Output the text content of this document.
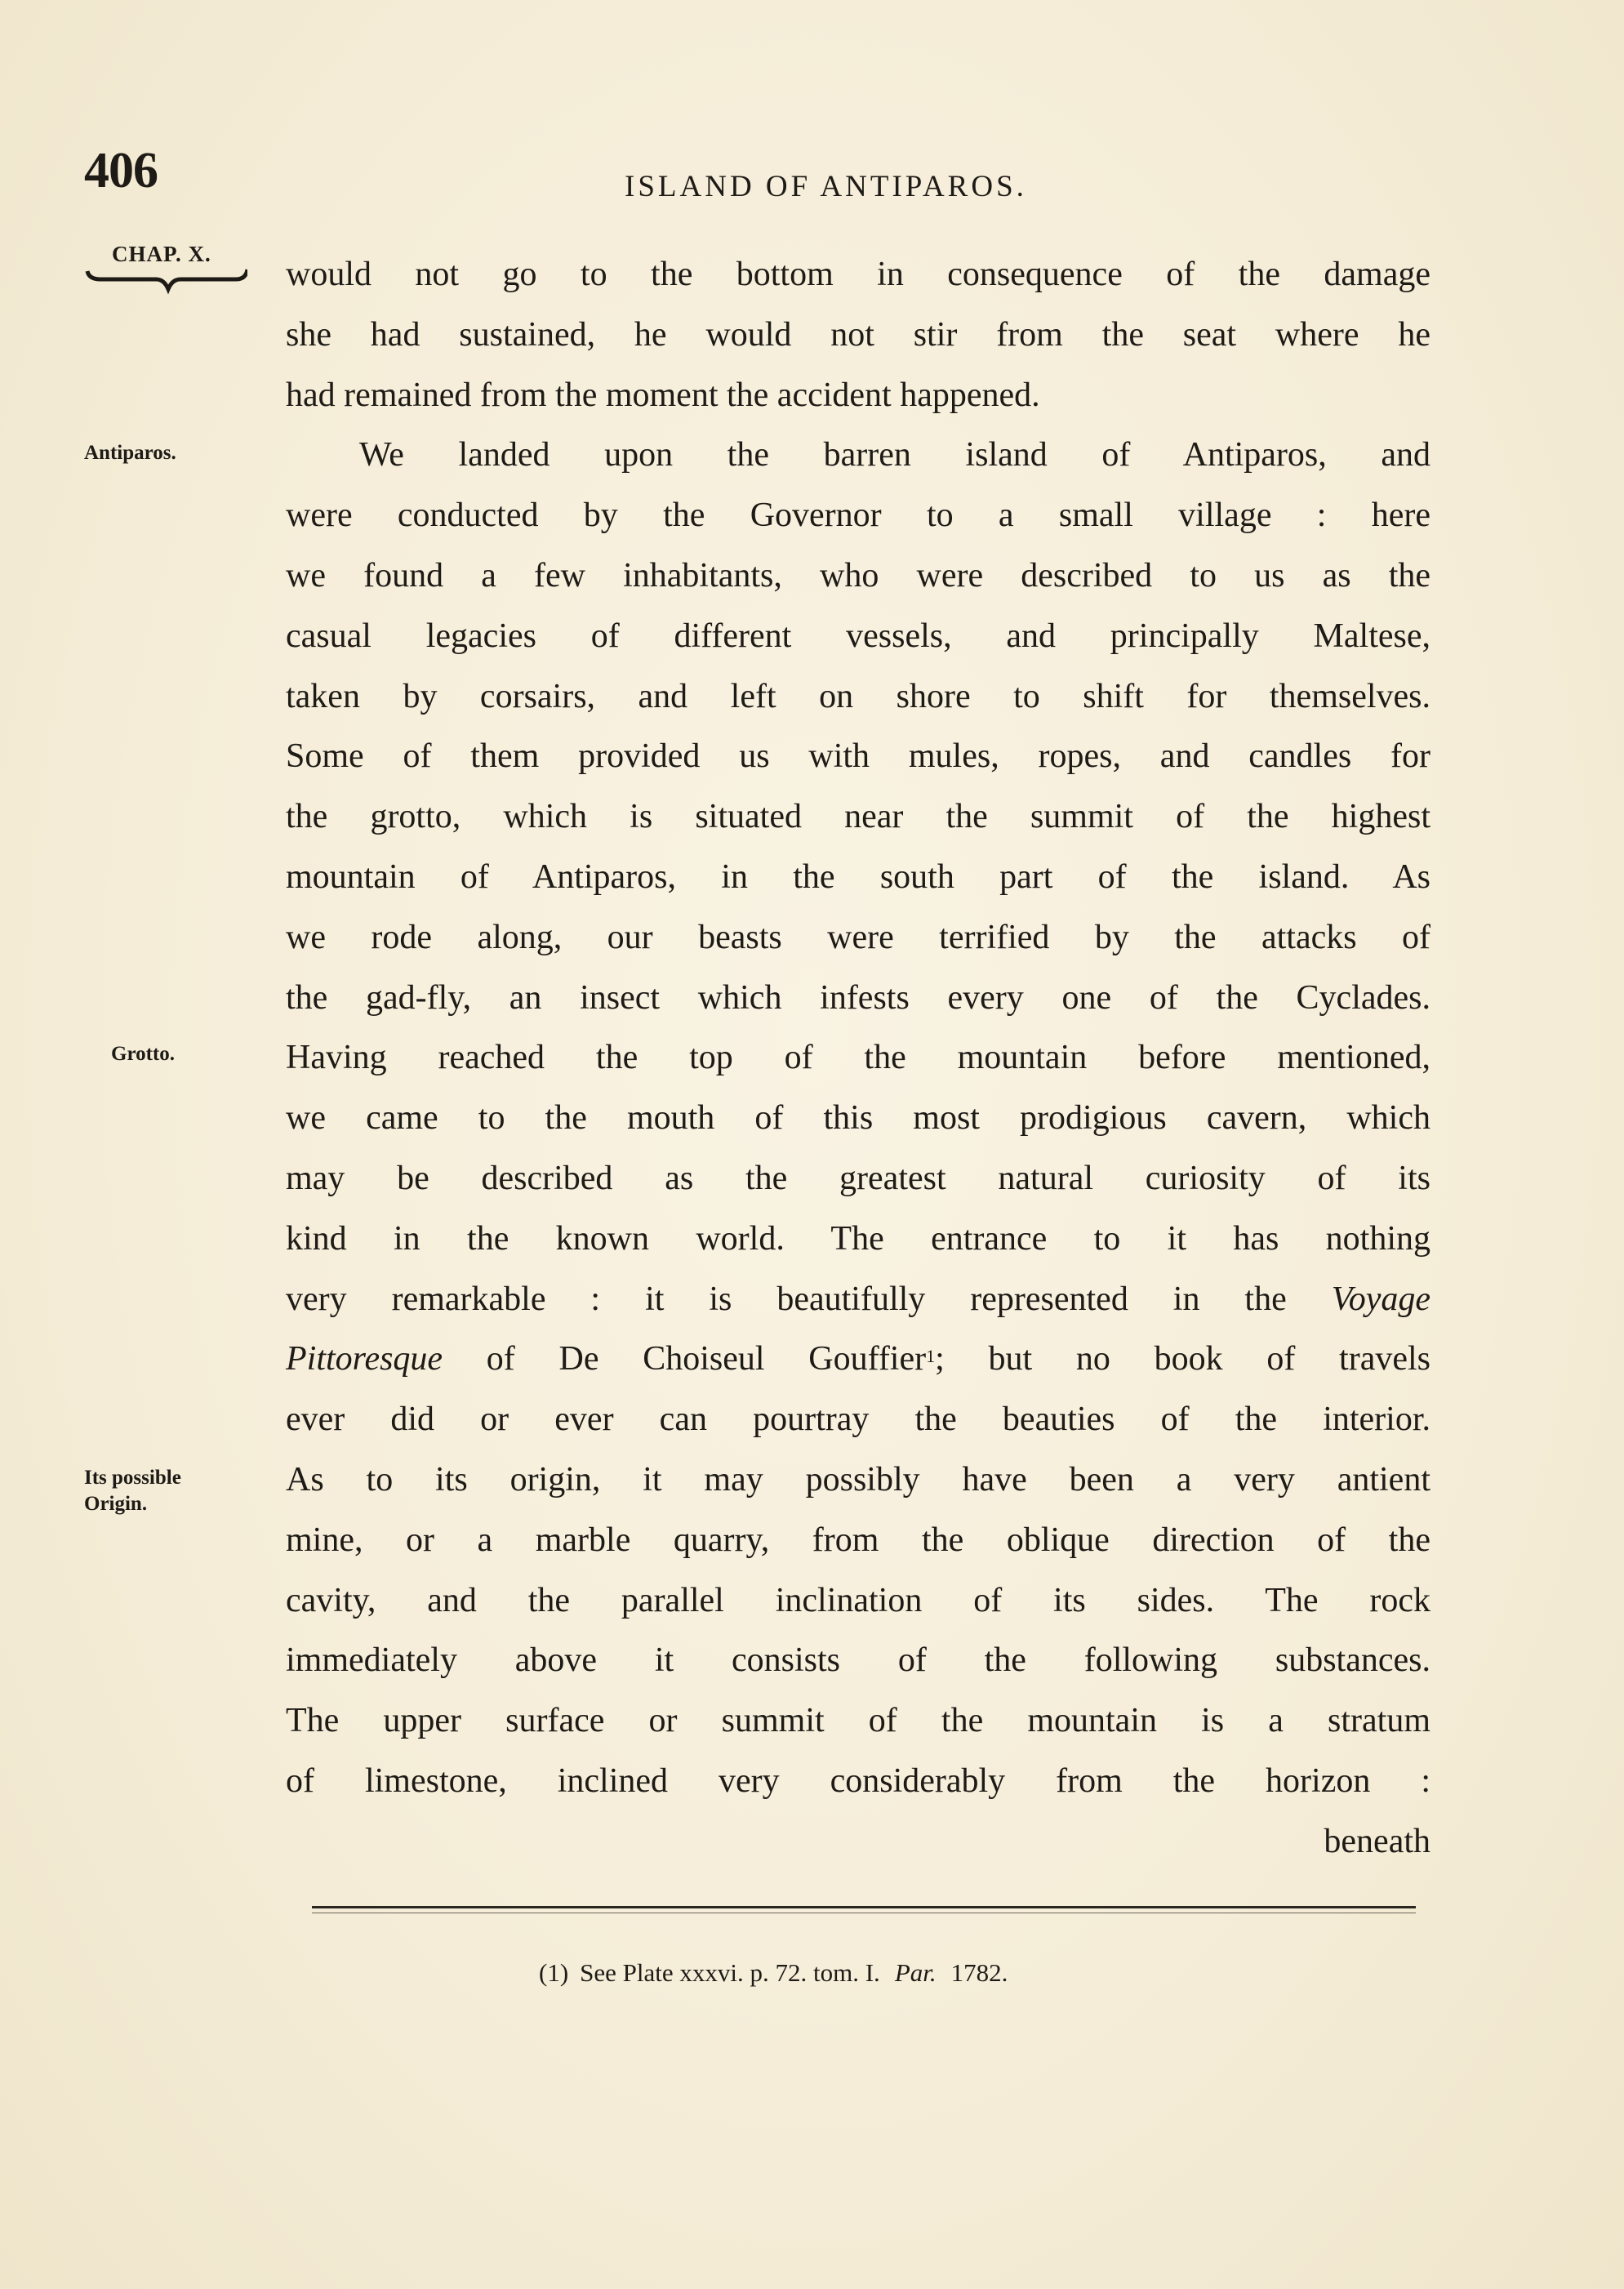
406	ISLAND OF ANTIPAROS.
CHAP. X.
Antiparos.
Grotto.
Its possible
Origin.
would not go to the bottom in consequence of the damage
she had sustained, he would not stir from the seat where he
had remained from the moment the accident happened.
We landed upon the barren island of Antiparos, and
were conducted by the Governor to a small village : here
we found a few inhabitants, who were described to us as the
casual legacies of different vessels, and principally Maltese,
taken by corsairs, and left on shore to shift for themselves.
Some of them provided us with mules, ropes, and candles for
the grotto, which is situated near the summit of the highest
mountain of Antiparos, in the south part of the island. As
we rode along, our beasts were terrified by the attacks of
the gad-fly, an insect which infests every one of the Cyclades.
Having reached the top of the mountain before mentioned,
we came to the mouth of this most prodigious cavern, which
may be described as the greatest natural curiosity of its
kind in the known world. The entrance to it has nothing
very remarkable : it is beautifully represented in the Voyage
Pittoresque of De Choiseul Gouffier$^1$; but no book of travels
ever did or ever can pourtray the beauties of the interior.
As to its origin, it may possibly have been a very antient
mine, or a marble quarry, from the oblique direction of the
cavity, and the parallel inclination of its sides. The rock
immediately above it consists of the following substances.
The upper surface or summit of the mountain is a stratum
of limestone, inclined very considerably from the horizon :
beneath
(1) See Plate xxxvi. p. 72. tom. I. Par. 1782.
